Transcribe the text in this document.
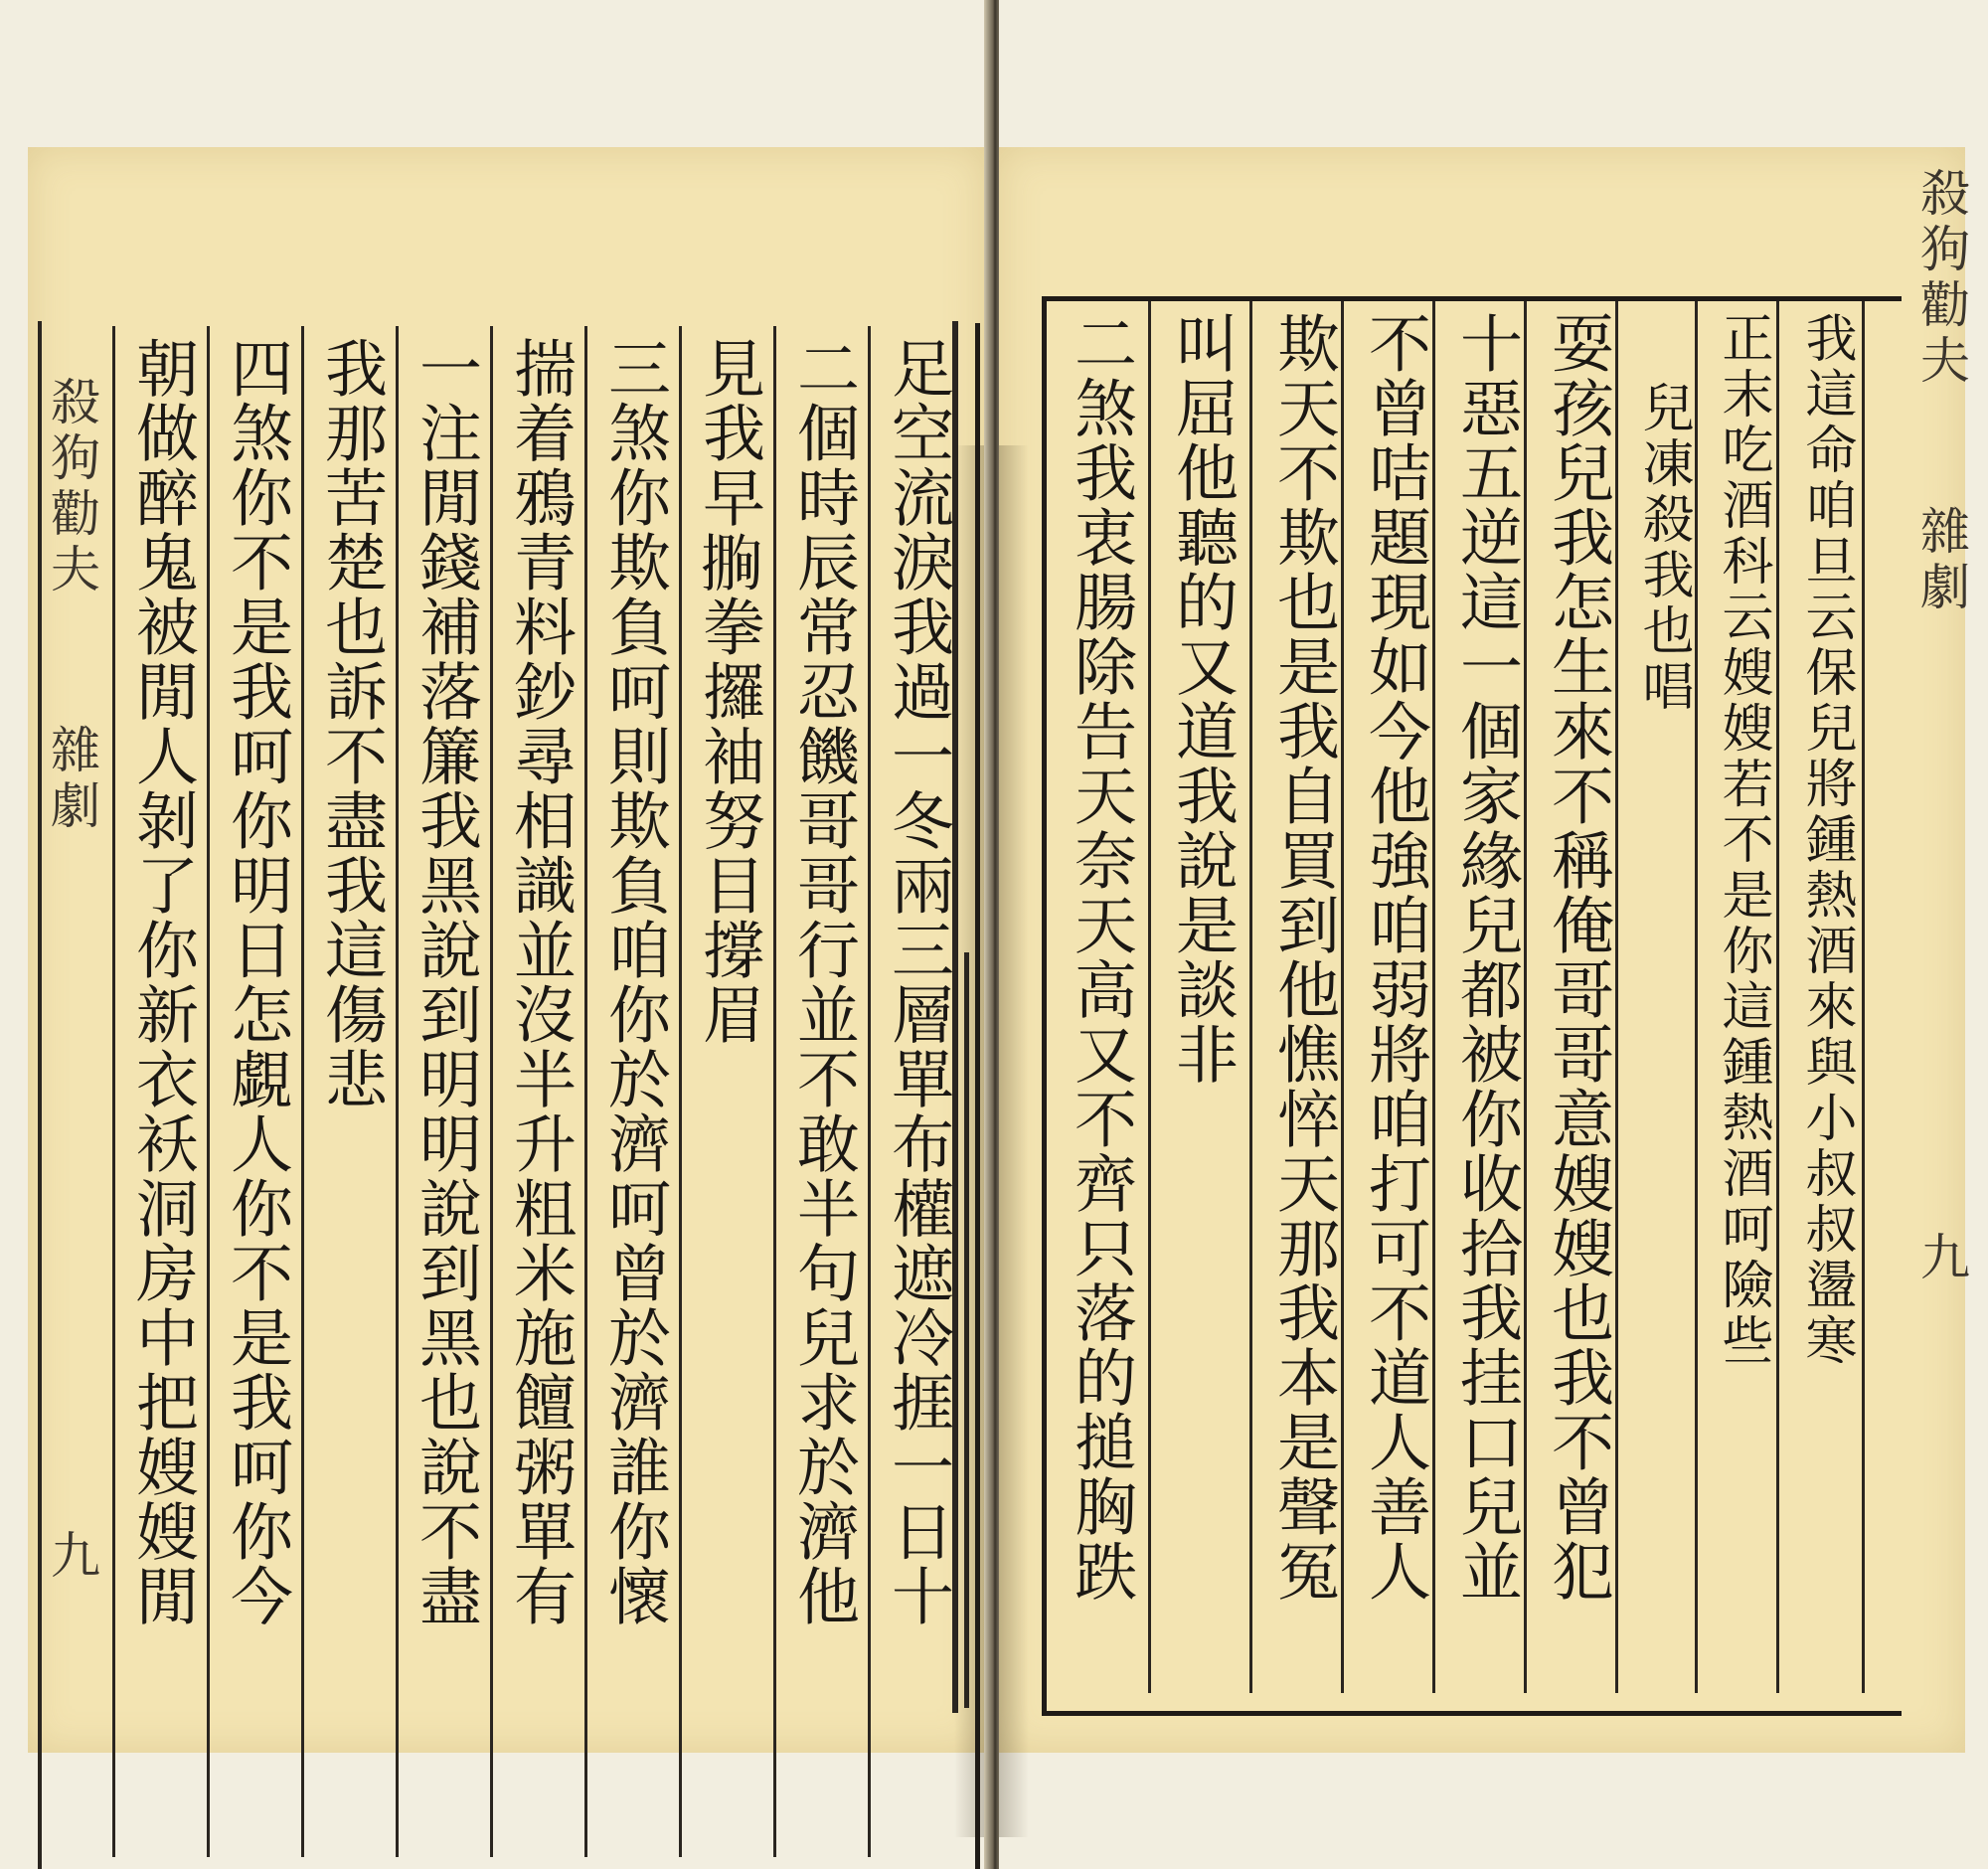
殺狗勸夫
雜劇
九	足空流淚我過一冬兩三層單布權遮冷捱一日十
二個時辰常忍饑哥哥行並不敢半句兒求於濟他
見我早𢲰拳攞袖努目撐眉
三煞你欺負呵則欺負咱你於濟呵曾於濟誰你懷
揣着鴉青料鈔尋相識並沒半升粗米施饘粥單有
一注閒錢補落簾我黑說到明明說到黑也說不盡
我那苦楚也訴不盡我這傷悲
四煞你不是我呵你明日怎覷人你不是我呵你今
朝做醉鬼被閒人剝了你新衣袄洞房中把嫂嫂閒
殺狗勸夫
雜劇
九
我這命咱旦云保兒將鍾熱酒來與小叔叔盪寒
正末吃酒科云嫂嫂若不是你這鍾熱酒呵險些
兒凍殺我也唱
耍孩兒我怎生來不稱俺哥哥意嫂嫂也我不曾犯
十惡五逆這一個家緣兒都被你收拾我挂口兒並
不曾咭題現如今他強咱弱將咱打可不道人善人
欺天不欺也是我自買到他憔悴天那我本是聲冤
叫屈他聽的又道我說是談非
二煞我衷腸除告天奈天高又不齊只落的搥胸跌
